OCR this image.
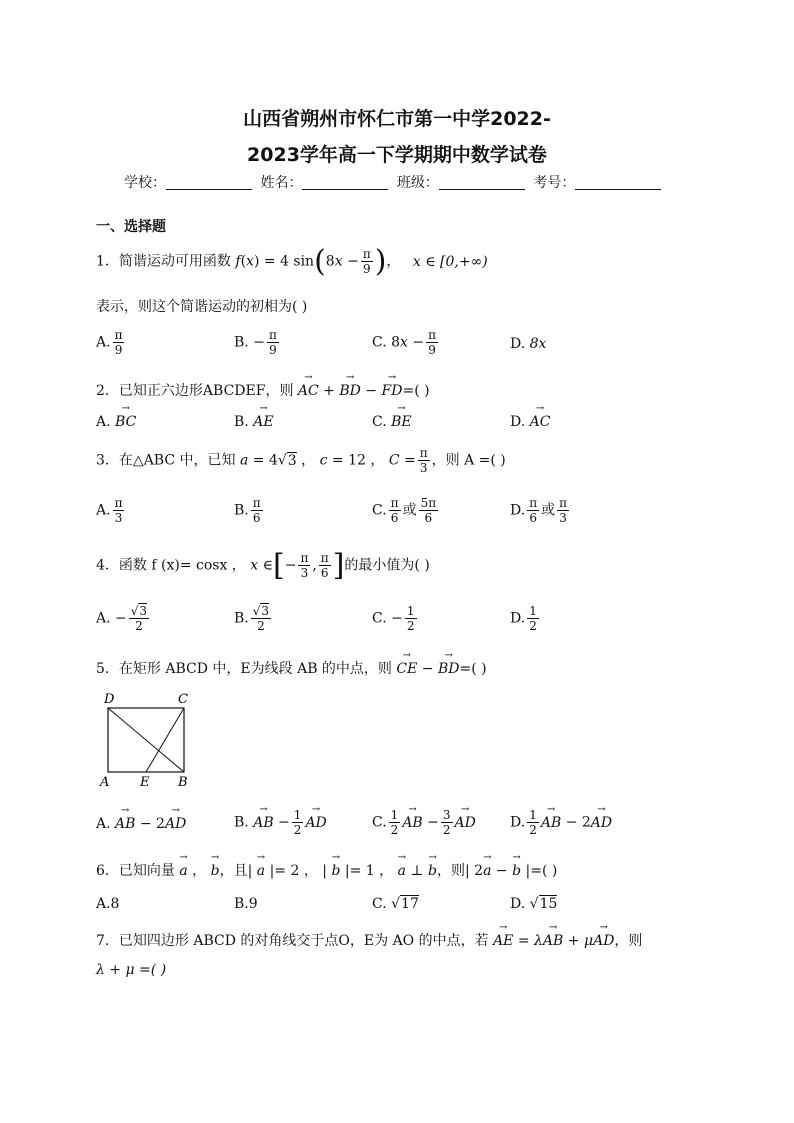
山西省朔州市怀仁市第一中学2022-
2023学年高一下学期期中数学试卷
学校：	姓名：	班级：	考号：
一、选择题
1．简谐运动可用函数 f(x) = 4 $\sin(8x - \frac{\pi}{9}$ )， x ∈ [0,+∞)
表示，则这个简谐运动的初相为( )
A. $\frac{\pi}{9}$	B. − $\frac{\pi}{9}$	C. $8x - \frac{\pi}{9}$	D. 8x
2．已知正六边形ABCDEF，则 → AC + → BD − → FD=( )
A. → BC	B. → AE	C. → BE	D. → AC
3．在△ABC 中，已知 a = 4√3 ， c = 12 ， $C = \frac{\pi}{3}$ ，则 A =( )
A. $\frac{\pi}{3}$	B. $\frac{\pi}{6}$	C. $\frac{\pi}{6}$ 或 $\frac{5\pi}{6}$	D. $\frac{\pi}{6}$ 或 $\frac{\pi}{3}$
4．函数 f (x)= cosx ， x ∈[− $\frac{\pi}{3}$ , $\frac{\pi}{6}$ ]的最小值为( )
A. − $\frac{√3}{2}$	B. $\frac{√3}{2}$	C. − $\frac{1}{2}$	D. $\frac{1}{2}$
5．在矩形 ABCD 中，E为线段 AB 的中点，则 → CE − → BD=( )
D	C
A E B
A. → AB − 2→ AD	B. → AB − $\frac{1}{2}$ → AD	C. $\frac{1}{2}$ → AB − $\frac{3}{2}$ → AD D. $\frac{1}{2}$ → AB − 2→ AD
6．已知向量 → a ， → b，且| → a |= 2 ， | → b |= 1 ， → a ⊥ → b，则| 2→ a − → b |=( )
A.8	B.9	C. √17	D. √15
7．已知四边形 ABCD 的对角线交于点O，E为 AO 的中点，若 → AE = λ→ AB + μ→ AD，则
λ + μ =( )
